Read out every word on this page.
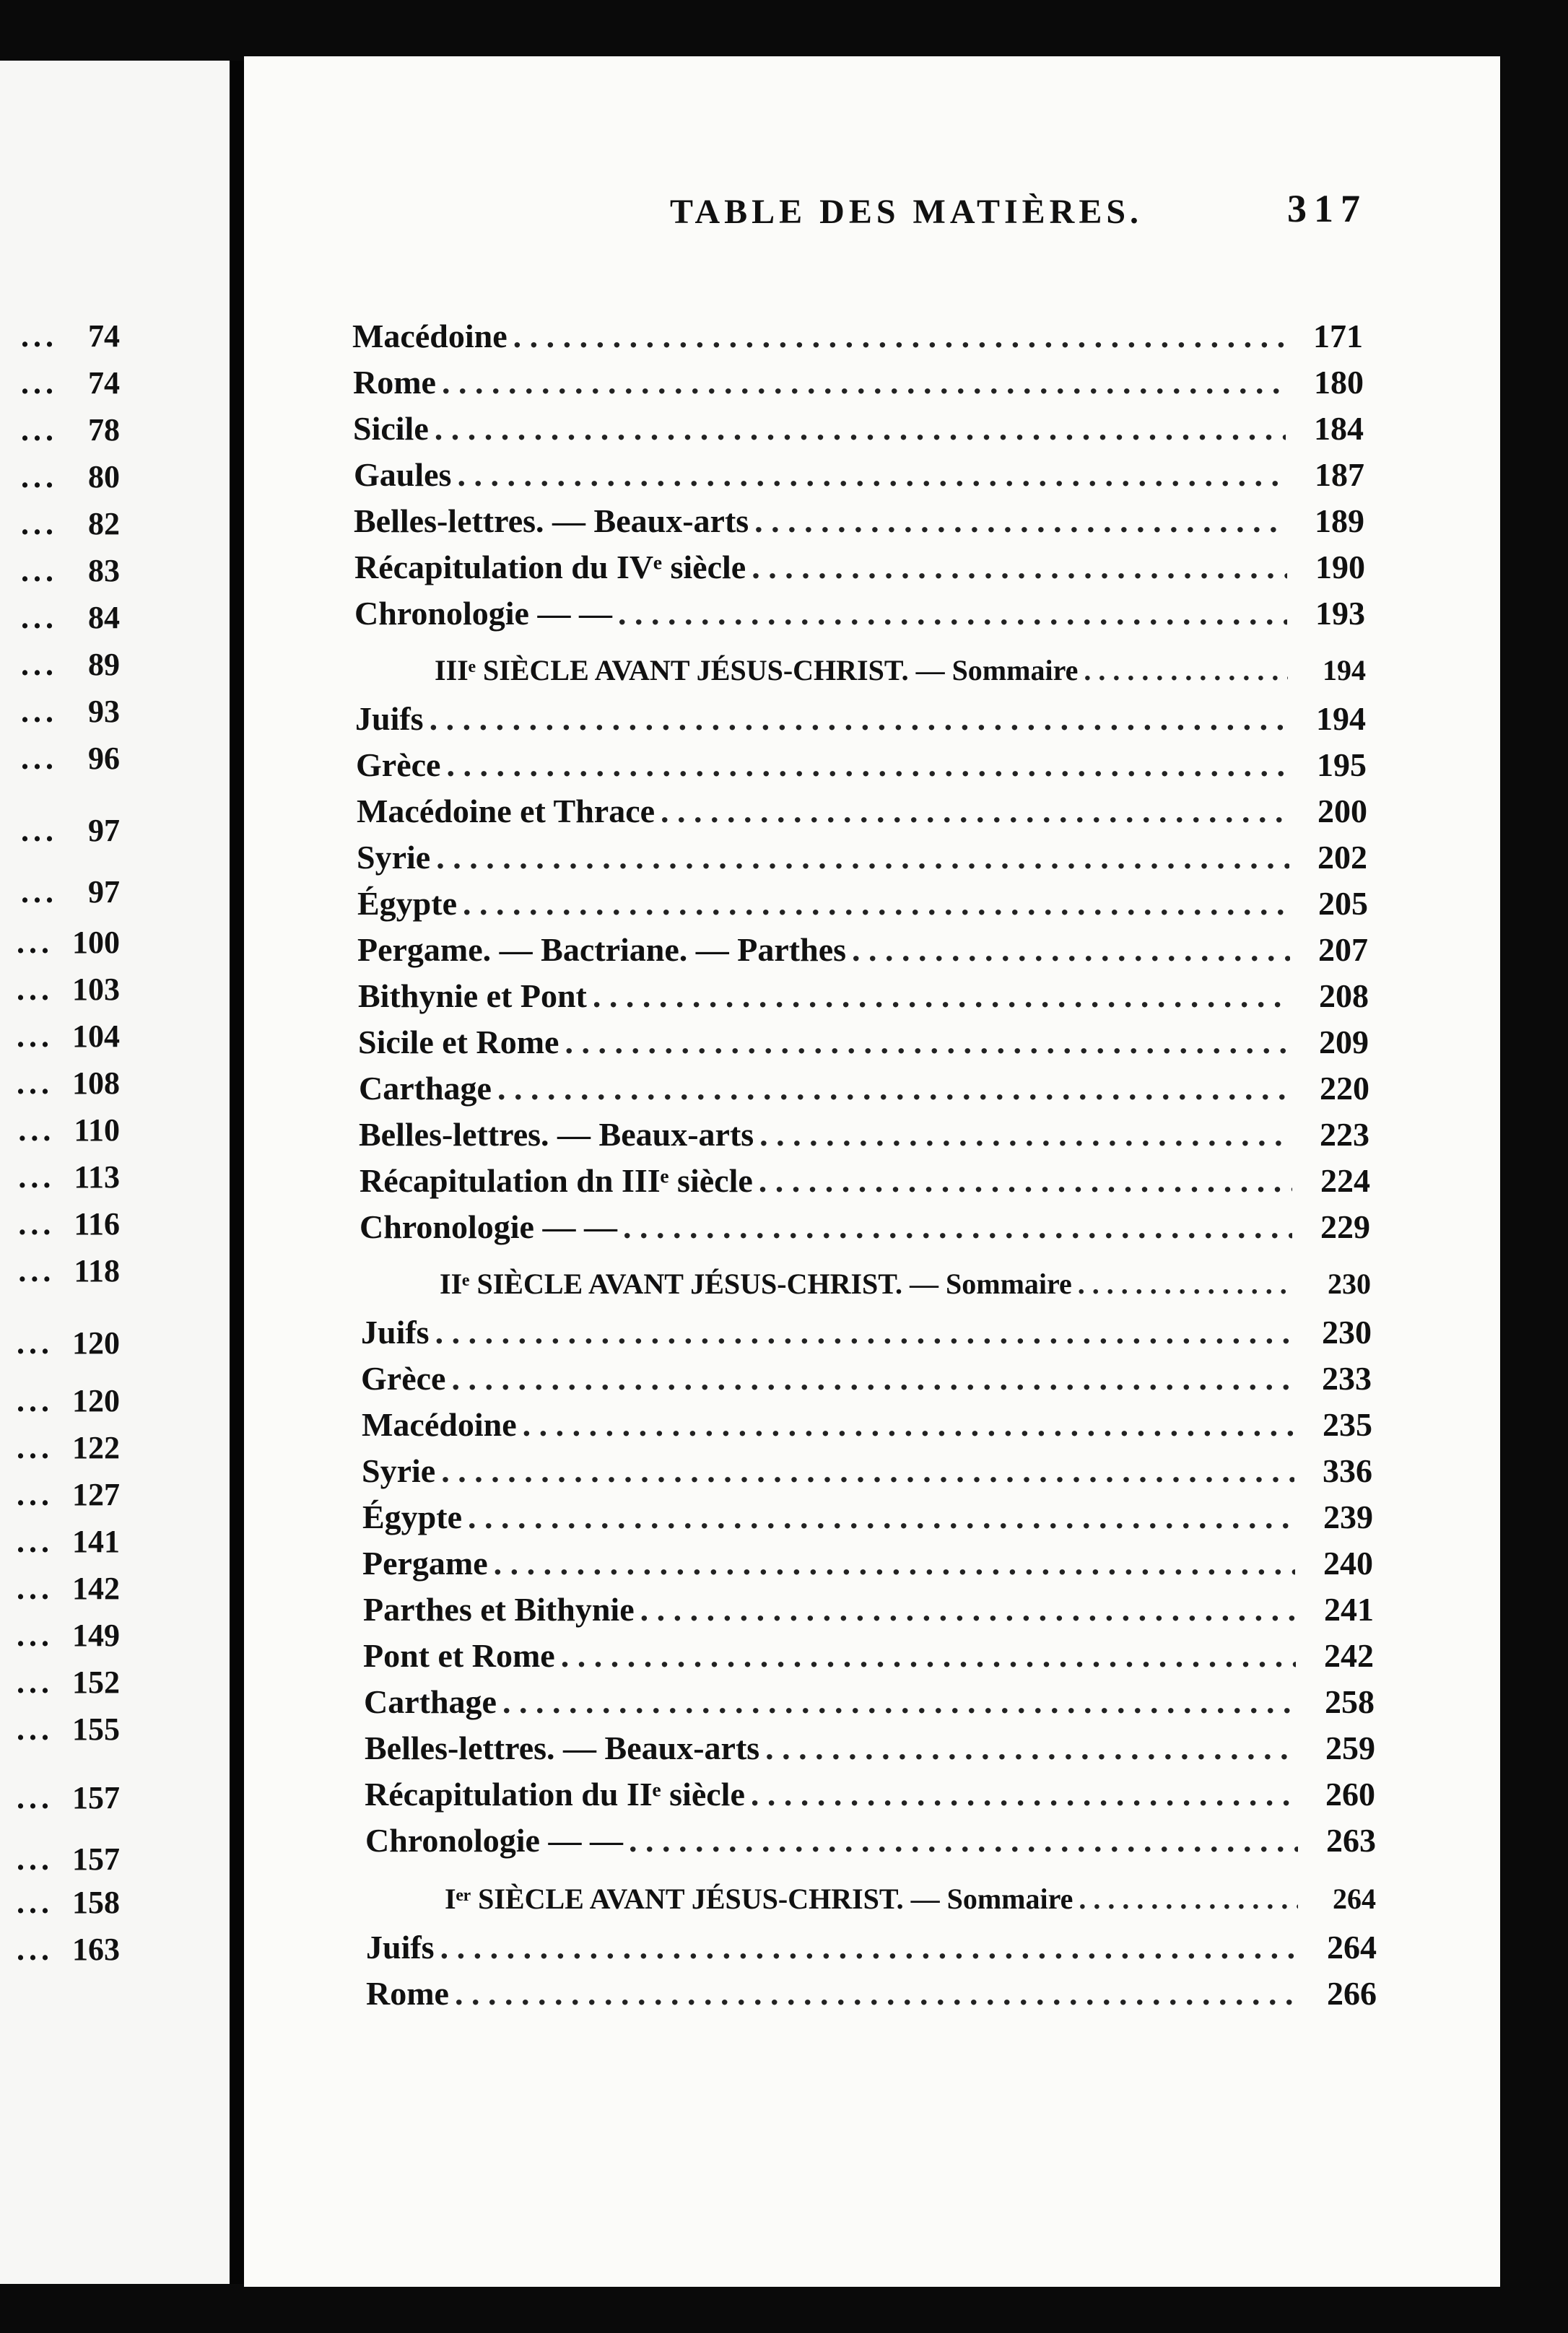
... 74
... 74
... 78
... 80
... 82
... 83
... 84
... 89
... 93
... 96
... 97
... 97
... 100
... 103
... 104
... 108
... 110
... 113
... 116
... 118
... 120
... 120
... 122
... 127
... 141
... 142
... 149
... 152
... 155
... 157
... 157
... 158
... 163
TABLE DES MATIÈRES.	317
Macédoine . . .	171
Rome . . .	180
Sicile . . .	184
Gaules . . .	187
Belles-lettres. — Beaux-arts . . .	189
Récapitulation du IVᵉ siècle . . .	190
Chronologie — — . . .	193
IIIᵉ SIÈCLE AVANT JÉSUS-CHRIST. — Sommaire . . .	194
Juifs . . .	194
Grèce . . .	195
Macédoine et Thrace . . .	200
Syrie . . .	202
Égypte . . .	205
Pergame. — Bactriane. — Parthes . . .	207
Bithynie et Pont . . .	208
Sicile et Rome . . .	209
Carthage . . .	220
Belles-lettres. — Beaux-arts . . .	223
Récapitulation dn IIIᵉ siècle . . .	224
Chronologie — — . . .	229
IIᵉ SIÈCLE AVANT JÉSUS-CHRIST. — Sommaire . . .	230
Juifs . . .	230
Grèce . . .	233
Macédoine . . .	235
Syrie . . .	336
Égypte . . .	239
Pergame . . .	240
Parthes et Bithynie . . .	241
Pont et Rome . . .	242
Carthage . . .	258
Belles-lettres. — Beaux-arts . . .	259
Récapitulation du IIᵉ siècle . . .	260
Chronologie — — . . .	263
Iᵉʳ SIÈCLE AVANT JÉSUS-CHRIST. — Sommaire . . .	264
Juifs . . .	264
Rome . . .	266
